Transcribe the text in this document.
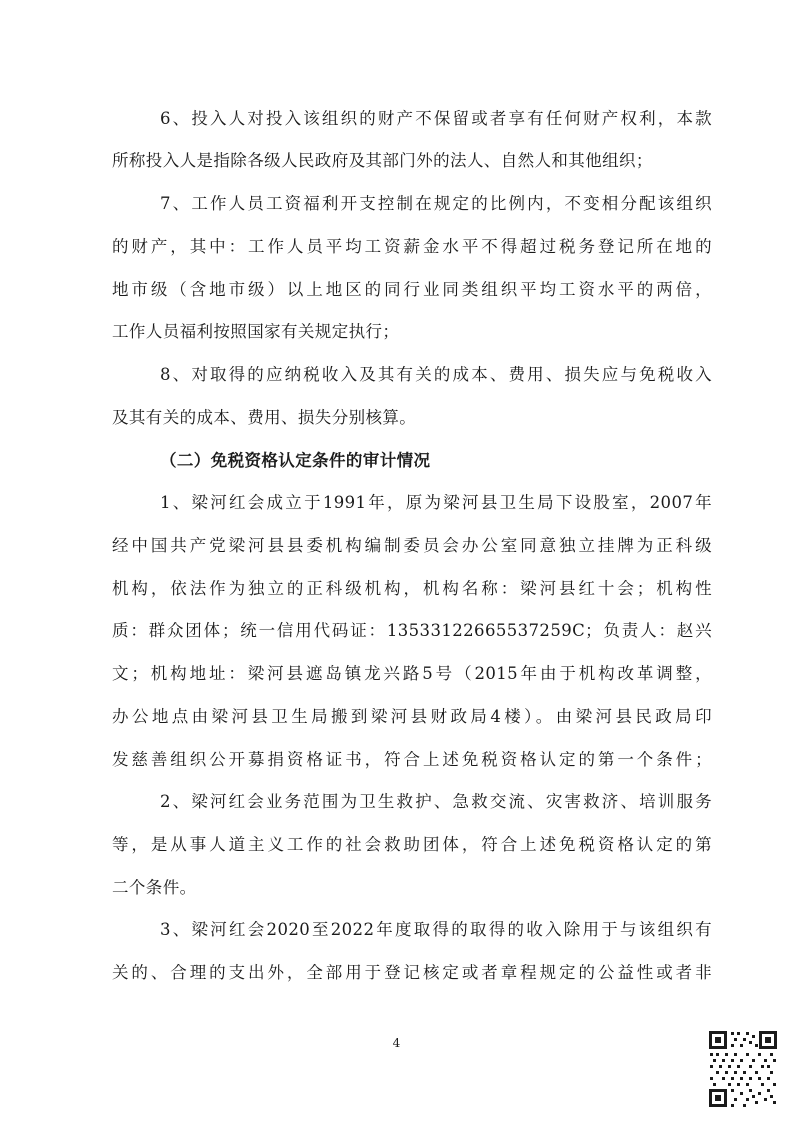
6、投入人对投入该组织的财产不保留或者享有任何财产权利，本款
所称投入人是指除各级人民政府及其部门外的法人、自然人和其他组织；
7、工作人员工资福利开支控制在规定的比例内，不变相分配该组织
的财产，其中：工作人员平均工资薪金水平不得超过税务登记所在地的
地市级（含地市级）以上地区的同行业同类组织平均工资水平的两倍，
工作人员福利按照国家有关规定执行；
8、对取得的应纳税收入及其有关的成本、费用、损失应与免税收入
及其有关的成本、费用、损失分别核算。
（二）免税资格认定条件的审计情况
1、梁河红会成立于1991年，原为梁河县卫生局下设股室，2007年
经中国共产党梁河县县委机构编制委员会办公室同意独立挂牌为正科级
机构，依法作为独立的正科级机构，机构名称：梁河县红十会；机构性
质：群众团体；统一信用代码证：13533122665537259C；负责人：赵兴
文；机构地址：梁河县遮岛镇龙兴路5号（2015年由于机构改革调整，
办公地点由梁河县卫生局搬到梁河县财政局4楼）。由梁河县民政局印
发慈善组织公开募捐资格证书，符合上述免税资格认定的第一个条件；
2、梁河红会业务范围为卫生救护、急救交流、灾害救济、培训服务
等，是从事人道主义工作的社会救助团体，符合上述免税资格认定的第
二个条件。
3、梁河红会2020至2022年度取得的取得的收入除用于与该组织有
关的、合理的支出外，全部用于登记核定或者章程规定的公益性或者非
4
